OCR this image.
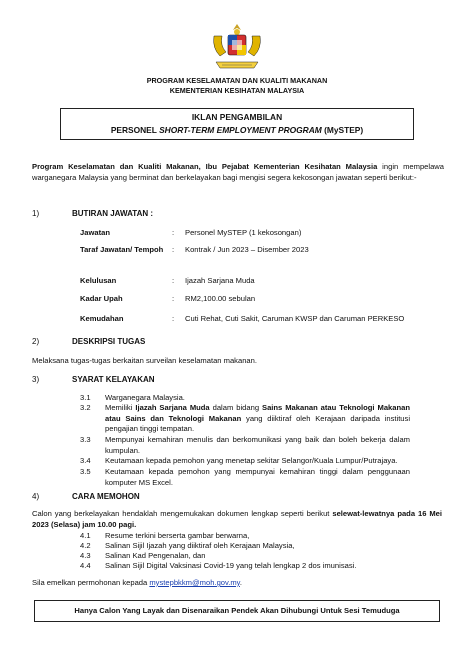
PROGRAM KESELAMATAN DAN KUALITI MAKANAN
KEMENTERIAN KESIHATAN MALAYSIA
IKLAN PENGAMBILAN
PERSONEL SHORT-TERM EMPLOYMENT PROGRAM (MySTEP)
Program Keselamatan dan Kualiti Makanan, Ibu Pejabat Kementerian Kesihatan Malaysia ingin mempelawa warganegara Malaysia yang berminat dan berkelayakan bagi mengisi segera kekosongan jawatan seperti berikut:-
1)	BUTIRAN JAWATAN :
Jawatan	: Personel MySTEP (1 kekosongan)
Taraf Jawatan/ Tempoh	: Kontrak / Jun 2023 – Disember 2023
Kelulusan	: Ijazah Sarjana Muda
Kadar Upah	: RM2,100.00 sebulan
Kemudahan	: Cuti Rehat, Cuti Sakit, Caruman KWSP dan Caruman PERKESO
2)	DESKRIPSI TUGAS
Melaksana tugas-tugas berkaitan surveilan keselamatan makanan.
3)	SYARAT KELAYAKAN
3.1 Warganegara Malaysia.
3.2 Memiliki Ijazah Sarjana Muda dalam bidang Sains Makanan atau Teknologi Makanan atau Sains dan Teknologi Makanan yang diiktiraf oleh Kerajaan daripada institusi pengajian tinggi tempatan.
3.3 Mempunyai kemahiran menulis dan berkomunikasi yang baik dan boleh bekerja dalam kumpulan.
3.4 Keutamaan kepada pemohon yang menetap sekitar Selangor/Kuala Lumpur/Putrajaya.
3.5 Keutamaan kepada pemohon yang mempunyai kemahiran tinggi dalam penggunaan komputer MS Excel.
4)	CARA MEMOHON
Calon yang berkelayakan hendaklah mengemukakan dokumen lengkap seperti berikut selewat-lewatnya pada 16 Mei 2023 (Selasa) jam 10.00 pagi.
4.1 Resume terkini berserta gambar berwarna,
4.2 Salinan Sijil Ijazah yang diiktiraf oleh Kerajaan Malaysia,
4.3 Salinan Kad Pengenalan, dan
4.4 Salinan Sijil Digital Vaksinasi Covid-19 yang telah lengkap 2 dos imunisasi.
Sila emelkan permohonan kepada mystepbkkm@moh.gov.my.
Hanya Calon Yang Layak dan Disenaraikan Pendek Akan Dihubungi Untuk Sesi Temuduga
